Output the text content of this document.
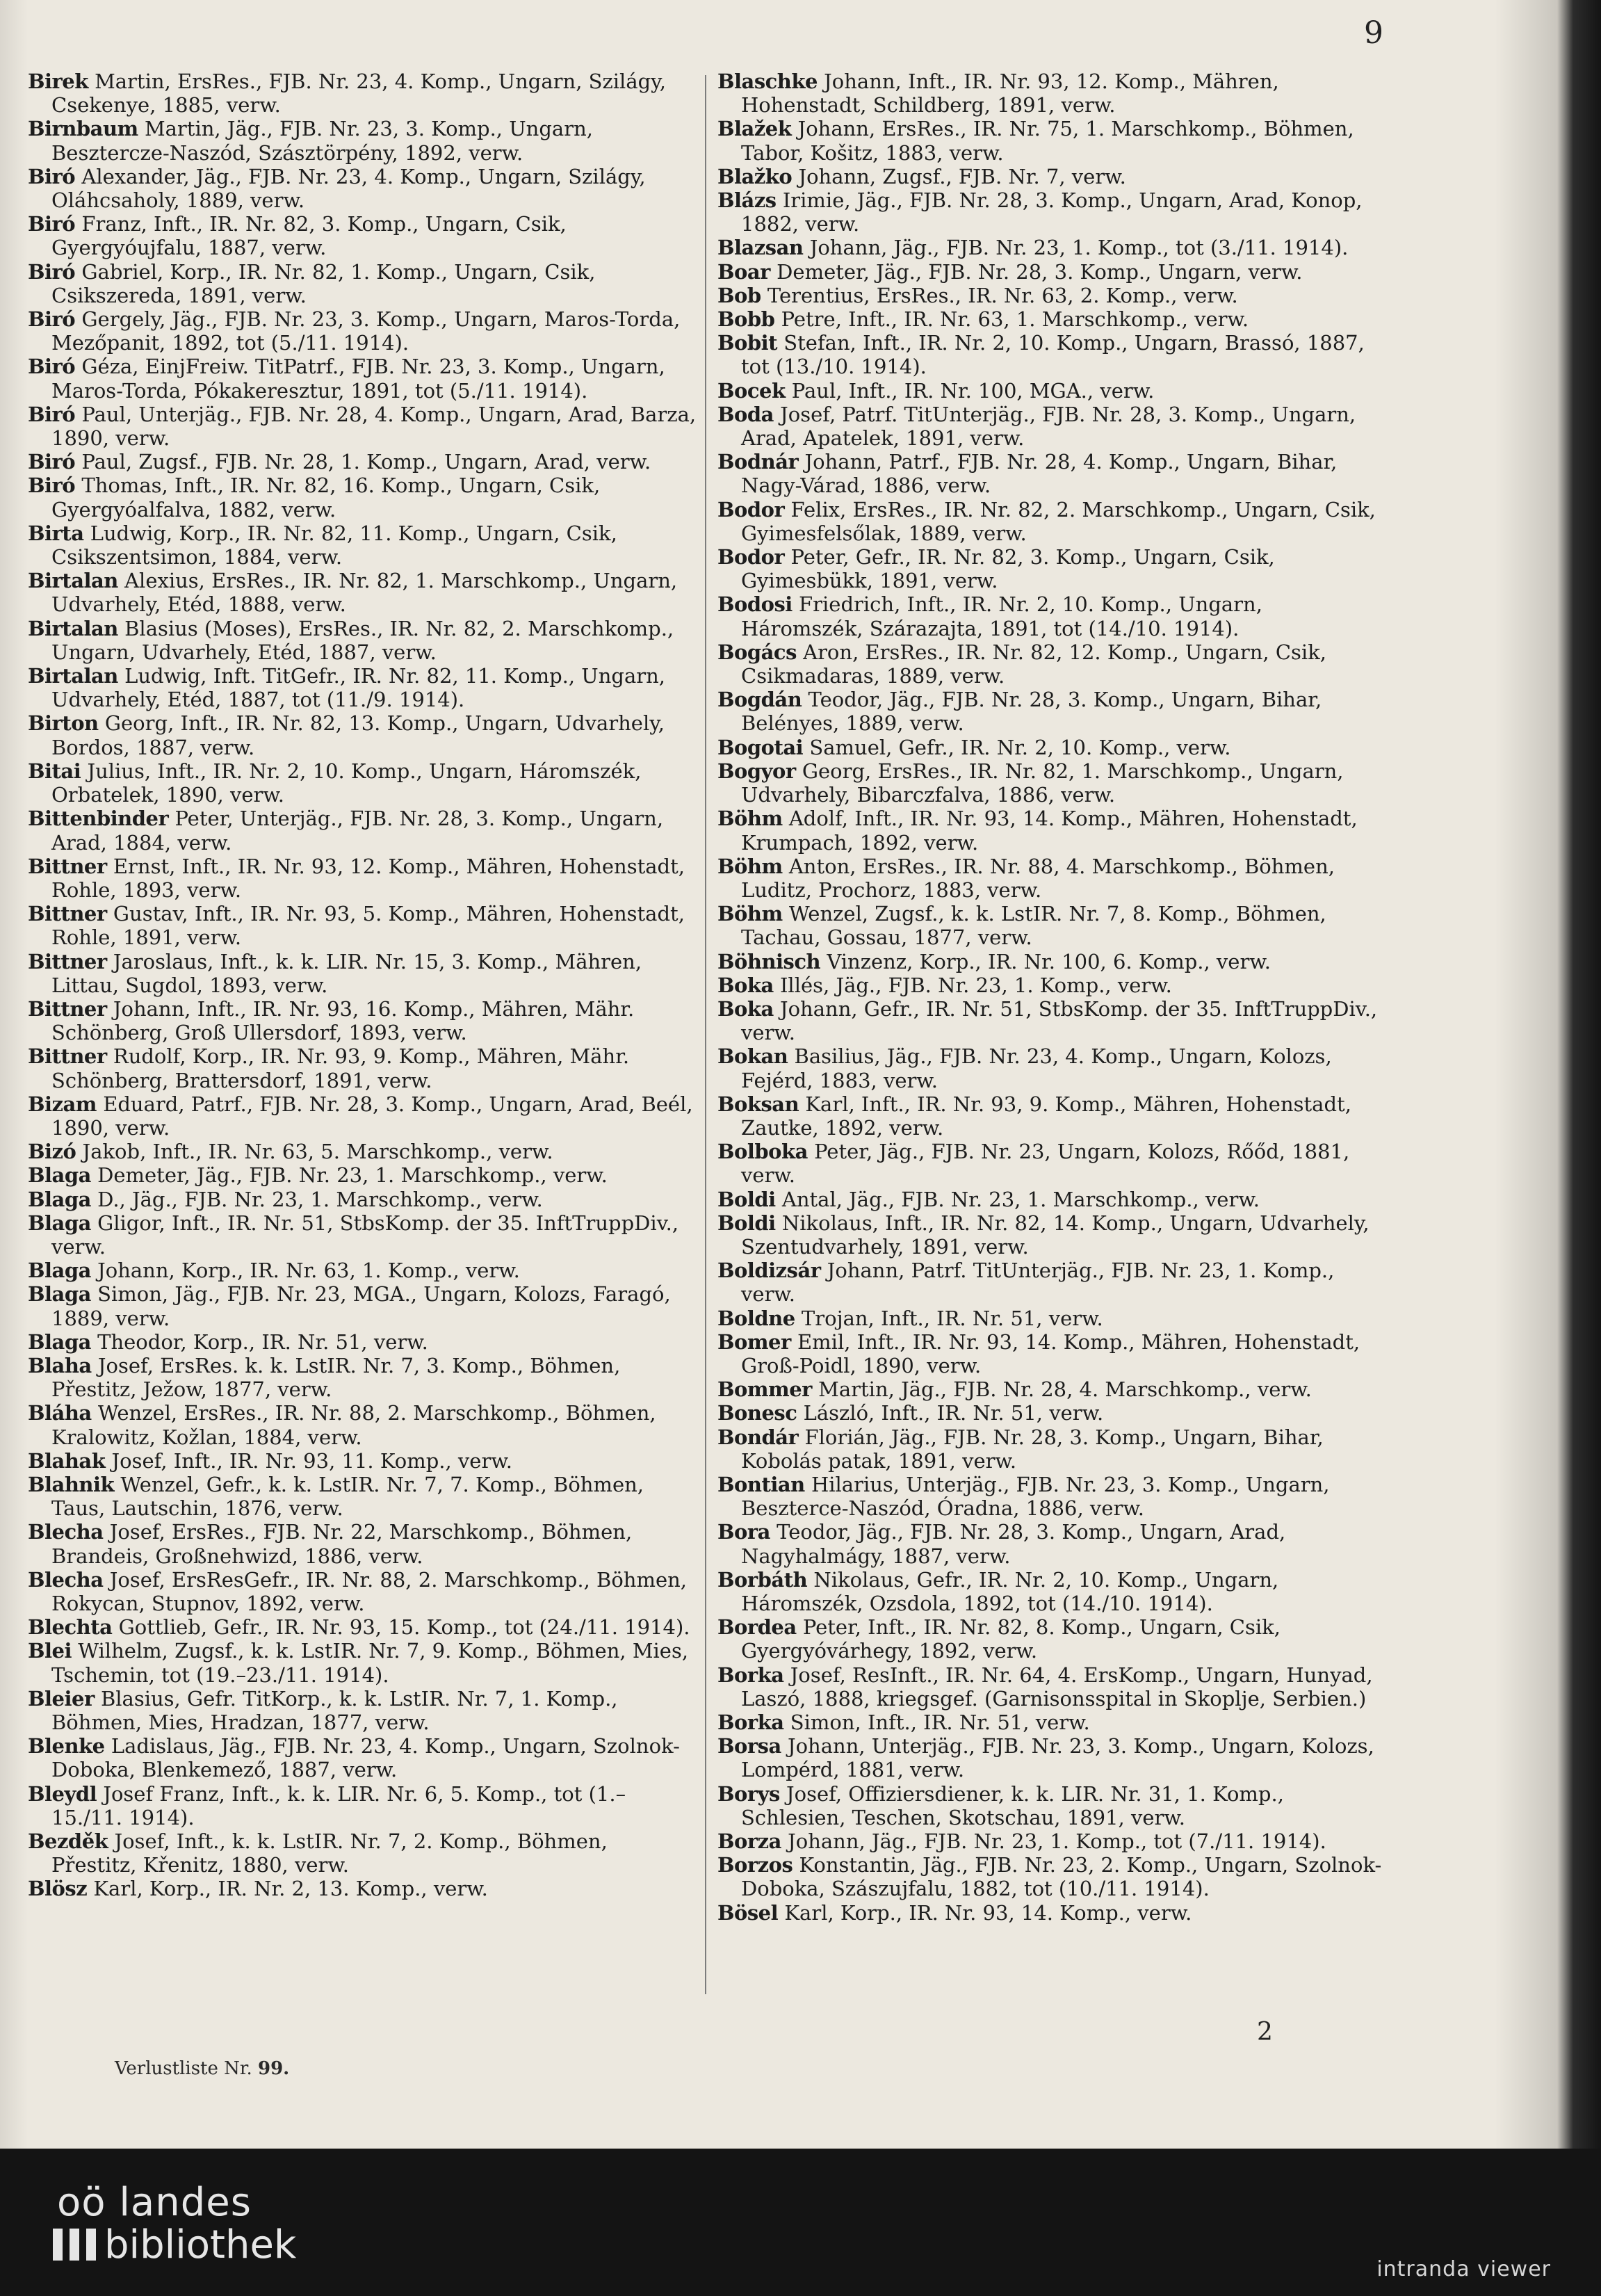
9

Birek Martin, ErsRes., FJB. Nr. 23, 4. Komp., Ungarn, Szilágy, Csekenye, 1885, verw.

Birnbaum Martin, Jäg., FJB. Nr. 23, 3. Komp., Ungarn, Besztercze-Naszód, Szásztörpény, 1892, verw.

Biró Alexander, Jäg., FJB. Nr. 23, 4. Komp., Ungarn, Szilágy, Oláhcsaholy, 1889, verw.

Biró Franz, Inft., IR. Nr. 82, 3. Komp., Ungarn, Csik, Gyergyóujfalu, 1887, verw.

Biró Gabriel, Korp., IR. Nr. 82, 1. Komp., Ungarn, Csik, Csikszereda, 1891, verw.

Biró Gergely, Jäg., FJB. Nr. 23, 3. Komp., Ungarn, Maros-Torda, Mezőpanit, 1892, tot (5./11. 1914).

Biró Géza, EinjFreiw. TitPatrf., FJB. Nr. 23, 3. Komp., Ungarn, Maros-Torda, Pókakeresztur, 1891, tot (5./11. 1914).

Biró Paul, Unterjäg., FJB. Nr. 28, 4. Komp., Ungarn, Arad, Barza, 1890, verw.

Biró Paul, Zugsf., FJB. Nr. 28, 1. Komp., Ungarn, Arad, verw.

Biró Thomas, Inft., IR. Nr. 82, 16. Komp., Ungarn, Csik, Gyergyóalfalva, 1882, verw.

Birta Ludwig, Korp., IR. Nr. 82, 11. Komp., Ungarn, Csik, Csikszentsimon, 1884, verw.

Birtalan Alexius, ErsRes., IR. Nr. 82, 1. Marschkomp., Ungarn, Udvarhely, Etéd, 1888, verw.

Birtalan Blasius (Moses), ErsRes., IR. Nr. 82, 2. Marschkomp., Ungarn, Udvarhely, Etéd, 1887, verw.

Birtalan Ludwig, Inft. TitGefr., IR. Nr. 82, 11. Komp., Ungarn, Udvarhely, Etéd, 1887, tot (11./9. 1914).

Birton Georg, Inft., IR. Nr. 82, 13. Komp., Ungarn, Udvarhely, Bordos, 1887, verw.

Bitai Julius, Inft., IR. Nr. 2, 10. Komp., Ungarn, Háromszék, Orbatelek, 1890, verw.

Bittenbinder Peter, Unterjäg., FJB. Nr. 28, 3. Komp., Ungarn, Arad, 1884, verw.

Bittner Ernst, Inft., IR. Nr. 93, 12. Komp., Mähren, Hohenstadt, Rohle, 1893, verw.

Bittner Gustav, Inft., IR. Nr. 93, 5. Komp., Mähren, Hohenstadt, Rohle, 1891, verw.

Bittner Jaroslaus, Inft., k. k. LIR. Nr. 15, 3. Komp., Mähren, Littau, Sugdol, 1893, verw.

Bittner Johann, Inft., IR. Nr. 93, 16. Komp., Mähren, Mähr. Schönberg, Groß Ullersdorf, 1893, verw.

Bittner Rudolf, Korp., IR. Nr. 93, 9. Komp., Mähren, Mähr. Schönberg, Brattersdorf, 1891, verw.

Bizam Eduard, Patrf., FJB. Nr. 28, 3. Komp., Ungarn, Arad, Beél, 1890, verw.

Bizó Jakob, Inft., IR. Nr. 63, 5. Marschkomp., verw.

Blaga Demeter, Jäg., FJB. Nr. 23, 1. Marschkomp., verw.

Blaga D., Jäg., FJB. Nr. 23, 1. Marschkomp., verw.

Blaga Gligor, Inft., IR. Nr. 51, StbsKomp. der 35. InftTruppDiv., verw.

Blaga Johann, Korp., IR. Nr. 63, 1. Komp., verw.

Blaga Simon, Jäg., FJB. Nr. 23, MGA., Ungarn, Kolozs, Faragó, 1889, verw.

Blaga Theodor, Korp., IR. Nr. 51, verw.

Blaha Josef, ErsRes. k. k. LstIR. Nr. 7, 3. Komp., Böhmen, Přestitz, Ježow, 1877, verw.

Bláha Wenzel, ErsRes., IR. Nr. 88, 2. Marschkomp., Böhmen, Kralowitz, Kožlan, 1884, verw.

Blahak Josef, Inft., IR. Nr. 93, 11. Komp., verw.

Blahnik Wenzel, Gefr., k. k. LstIR. Nr. 7, 7. Komp., Böhmen, Taus, Lautschin, 1876, verw.

Blecha Josef, ErsRes., FJB. Nr. 22, Marschkomp., Böhmen, Brandeis, Großnehwizd, 1886, verw.

Blecha Josef, ErsResGefr., IR. Nr. 88, 2. Marschkomp., Böhmen, Rokycan, Stupnov, 1892, verw.

Blechta Gottlieb, Gefr., IR. Nr. 93, 15. Komp., tot (24./11. 1914).

Blei Wilhelm, Zugsf., k. k. LstIR. Nr. 7, 9. Komp., Böhmen, Mies, Tschemin, tot (19.–23./11. 1914).

Bleier Blasius, Gefr. TitKorp., k. k. LstIR. Nr. 7, 1. Komp., Böhmen, Mies, Hradzan, 1877, verw.

Blenke Ladislaus, Jäg., FJB. Nr. 23, 4. Komp., Ungarn, Szolnok-Doboka, Blenkemező, 1887, verw.

Bleydl Josef Franz, Inft., k. k. LIR. Nr. 6, 5. Komp., tot (1.–15./11. 1914).

Bezděk Josef, Inft., k. k. LstIR. Nr. 7, 2. Komp., Böhmen, Přestitz, Křenitz, 1880, verw.

Blösz Karl, Korp., IR. Nr. 2, 13. Komp., verw.

Blaschke Johann, Inft., IR. Nr. 93, 12. Komp., Mähren, Hohenstadt, Schildberg, 1891, verw.

Blažek Johann, ErsRes., IR. Nr. 75, 1. Marschkomp., Böhmen, Tabor, Košitz, 1883, verw.

Blažko Johann, Zugsf., FJB. Nr. 7, verw.

Blázs Irimie, Jäg., FJB. Nr. 28, 3. Komp., Ungarn, Arad, Konop, 1882, verw.

Blazsan Johann, Jäg., FJB. Nr. 23, 1. Komp., tot (3./11. 1914).

Boar Demeter, Jäg., FJB. Nr. 28, 3. Komp., Ungarn, verw.

Bob Terentius, ErsRes., IR. Nr. 63, 2. Komp., verw.

Bobb Petre, Inft., IR. Nr. 63, 1. Marschkomp., verw.

Bobit Stefan, Inft., IR. Nr. 2, 10. Komp., Ungarn, Brassó, 1887, tot (13./10. 1914).

Bocek Paul, Inft., IR. Nr. 100, MGA., verw.

Boda Josef, Patrf. TitUnterjäg., FJB. Nr. 28, 3. Komp., Ungarn, Arad, Apatelek, 1891, verw.

Bodnár Johann, Patrf., FJB. Nr. 28, 4. Komp., Ungarn, Bihar, Nagy-Várad, 1886, verw.

Bodor Felix, ErsRes., IR. Nr. 82, 2. Marschkomp., Ungarn, Csik, Gyimesfelsőlak, 1889, verw.

Bodor Peter, Gefr., IR. Nr. 82, 3. Komp., Ungarn, Csik, Gyimesbükk, 1891, verw.

Bodosi Friedrich, Inft., IR. Nr. 2, 10. Komp., Ungarn, Háromszék, Szárazajta, 1891, tot (14./10. 1914).

Bogács Aron, ErsRes., IR. Nr. 82, 12. Komp., Ungarn, Csik, Csikmadaras, 1889, verw.

Bogdán Teodor, Jäg., FJB. Nr. 28, 3. Komp., Ungarn, Bihar, Belényes, 1889, verw.

Bogotai Samuel, Gefr., IR. Nr. 2, 10. Komp., verw.

Bogyor Georg, ErsRes., IR. Nr. 82, 1. Marschkomp., Ungarn, Udvarhely, Bibarczfalva, 1886, verw.

Böhm Adolf, Inft., IR. Nr. 93, 14. Komp., Mähren, Hohenstadt, Krumpach, 1892, verw.

Böhm Anton, ErsRes., IR. Nr. 88, 4. Marschkomp., Böhmen, Luditz, Prochorz, 1883, verw.

Böhm Wenzel, Zugsf., k. k. LstIR. Nr. 7, 8. Komp., Böhmen, Tachau, Gossau, 1877, verw.

Böhnisch Vinzenz, Korp., IR. Nr. 100, 6. Komp., verw.

Boka Illés, Jäg., FJB. Nr. 23, 1. Komp., verw.

Boka Johann, Gefr., IR. Nr. 51, StbsKomp. der 35. InftTruppDiv., verw.

Bokan Basilius, Jäg., FJB. Nr. 23, 4. Komp., Ungarn, Kolozs, Fejérd, 1883, verw.

Boksan Karl, Inft., IR. Nr. 93, 9. Komp., Mähren, Hohenstadt, Zautke, 1892, verw.

Bolboka Peter, Jäg., FJB. Nr. 23, Ungarn, Kolozs, Rőőd, 1881, verw.

Boldi Antal, Jäg., FJB. Nr. 23, 1. Marschkomp., verw.

Boldi Nikolaus, Inft., IR. Nr. 82, 14. Komp., Ungarn, Udvarhely, Szentudvarhely, 1891, verw.

Boldizsár Johann, Patrf. TitUnterjäg., FJB. Nr. 23, 1. Komp., verw.

Boldne Trojan, Inft., IR. Nr. 51, verw.

Bomer Emil, Inft., IR. Nr. 93, 14. Komp., Mähren, Hohenstadt, Groß-Poidl, 1890, verw.

Bommer Martin, Jäg., FJB. Nr. 28, 4. Marschkomp., verw.

Bonesc László, Inft., IR. Nr. 51, verw.

Bondár Florián, Jäg., FJB. Nr. 28, 3. Komp., Ungarn, Bihar, Kobolás patak, 1891, verw.

Bontian Hilarius, Unterjäg., FJB. Nr. 23, 3. Komp., Ungarn, Beszterce-Naszód, Óradna, 1886, verw.

Bora Teodor, Jäg., FJB. Nr. 28, 3. Komp., Ungarn, Arad, Nagyhalmágy, 1887, verw.

Borbáth Nikolaus, Gefr., IR. Nr. 2, 10. Komp., Ungarn, Háromszék, Ozsdola, 1892, tot (14./10. 1914).

Bordea Peter, Inft., IR. Nr. 82, 8. Komp., Ungarn, Csik, Gyergyóvárhegy, 1892, verw.

Borka Josef, ResInft., IR. Nr. 64, 4. ErsKomp., Ungarn, Hunyad, Laszó, 1888, kriegsgef. (Garnisonsspital in Skoplje, Serbien.)

Borka Simon, Inft., IR. Nr. 51, verw.

Borsa Johann, Unterjäg., FJB. Nr. 23, 3. Komp., Ungarn, Kolozs, Lompérd, 1881, verw.

Borys Josef, Offiziersdiener, k. k. LIR. Nr. 31, 1. Komp., Schlesien, Teschen, Skotschau, 1891, verw.

Borza Johann, Jäg., FJB. Nr. 23, 1. Komp., tot (7./11. 1914).

Borzos Konstantin, Jäg., FJB. Nr. 23, 2. Komp., Ungarn, Szolnok-Doboka, Szászujfalu, 1882, tot (10./11. 1914).

Bösel Karl, Korp., IR. Nr. 93, 14. Komp., verw.

Verlustliste Nr. 99.
2
oö landes
bibliothek
intranda viewer
